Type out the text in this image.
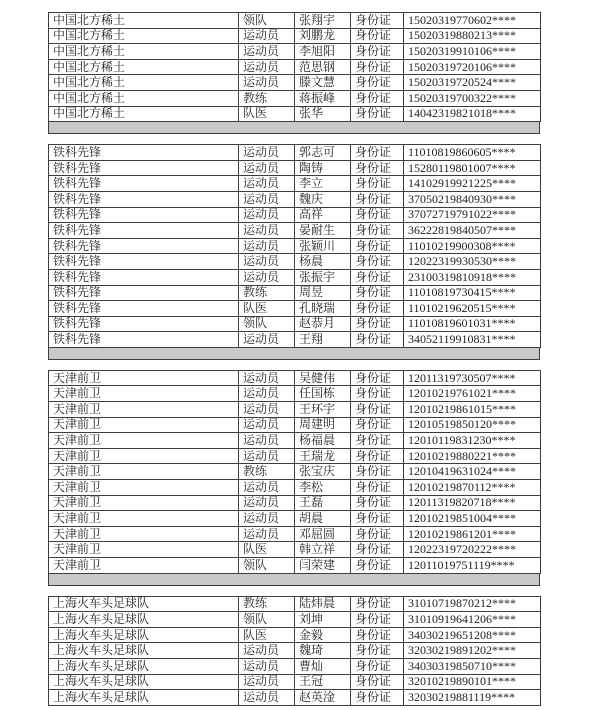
中国北方稀土	领队	张翔宇	身份证	15020319770602****
中国北方稀土	运动员	刘鹏龙	身份证	15020319880213****
中国北方稀土	运动员	李旭阳	身份证	15020319910106****
中国北方稀土	运动员	范思钢	身份证	15020319720106****
中国北方稀土	运动员	滕文慧	身份证	15020319720524****
中国北方稀土	教练	蒋振峰	身份证	15020319700322****
中国北方稀土	队医	张华	身份证	14042319821018****
铁科先锋	运动员	郭志可	身份证	11010819860605****
铁科先锋	运动员	陶铸	身份证	15280119801007****
铁科先锋	运动员	李立	身份证	14102919921225****
铁科先锋	运动员	魏庆	身份证	37050219840930****
铁科先锋	运动员	高祥	身份证	37072719791022****
铁科先锋	运动员	晏耐生	身份证	36222819840507****
铁科先锋	运动员	张颖川	身份证	11010219900308****
铁科先锋	运动员	杨晨	身份证	12022319930530****
铁科先锋	运动员	张振宇	身份证	23100319810918****
铁科先锋	教练	周昱	身份证	11010819730415****
铁科先锋	队医	孔晓瑞	身份证	11010219620515****
铁科先锋	领队	赵恭月	身份证	11010819601031****
铁科先锋	运动员	王翔	身份证	34052119910831****
天津前卫	运动员	吴健伟	身份证	12011319730507****
天津前卫	运动员	任国栋	身份证	12010219761021****
天津前卫	运动员	王环宇	身份证	12010219861015****
天津前卫	运动员	周建明	身份证	12010519850120****
天津前卫	运动员	杨福晨	身份证	12010119831230****
天津前卫	运动员	王瑞龙	身份证	12010219880221****
天津前卫	教练	张宝庆	身份证	12010419631024****
天津前卫	运动员	李松	身份证	12010219870112****
天津前卫	运动员	王磊	身份证	12011319820718****
天津前卫	运动员	胡晨	身份证	12010219851004****
天津前卫	运动员	邓屈圆	身份证	12010219861201****
天津前卫	队医	韩立祥	身份证	12022319720222****
天津前卫	领队	闫荣建	身份证	12011019751119****
上海火车头足球队	教练	陆炜晨	身份证	31010719870212****
上海火车头足球队	领队	刘坤	身份证	31010919641206****
上海火车头足球队	队医	金毅	身份证	34030219651208****
上海火车头足球队	运动员	魏琦	身份证	32030219891202****
上海火车头足球队	运动员	曹灿	身份证	34030319850710****
上海火车头足球队	运动员	王冠	身份证	32010219890101****
上海火车头足球队	运动员	赵英淦	身份证	32030219881119****
